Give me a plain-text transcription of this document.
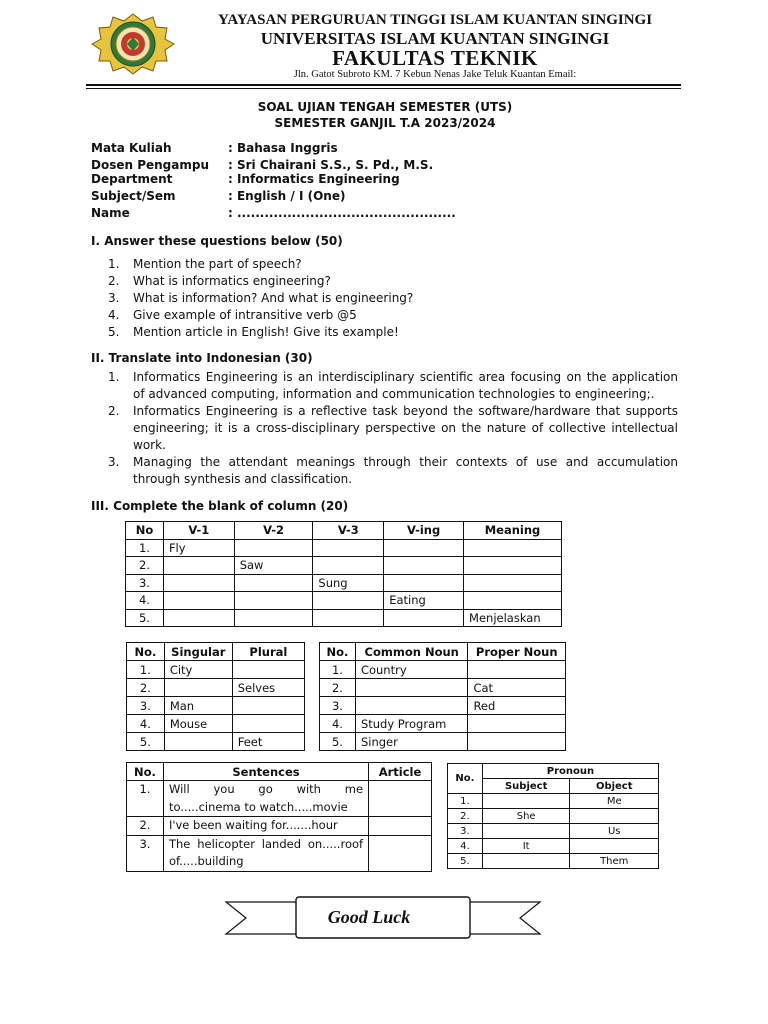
YAYASAN PERGURUAN TINGGI ISLAM KUANTAN SINGINGI
UNIVERSITAS ISLAM KUANTAN SINGINGI
FAKULTAS TEKNIK
Jln. Gatot Subroto KM. 7 Kebun Nenas Jake Teluk Kuantan Email:
SOAL UJIAN TENGAH SEMESTER (UTS)
SEMESTER GANJIL T.A 2023/2024
Mata Kuliah	: Bahasa Inggris
Dosen Pengampu : Sri Chairani S.S., S. Pd., M.S.
Department	: Informatics Engineering
Subject/Sem	: English / I (One)
Name	: ................................................
I. Answer these questions below (50)
1.	Mention the part of speech?
2.	What is informatics engineering?
3.	What is information? And what is engineering?
4.	Give example of intransitive verb @5
5.	Mention article in English! Give its example!
II. Translate into Indonesian (30)
1.	Informatics Engineering is an interdisciplinary scientific area focusing on the application of advanced computing, information and communication technologies to engineering;.
2.	Informatics Engineering is a reflective task beyond the software/hardware that supports engineering; it is a cross-disciplinary perspective on the nature of collective intellectual work.
3.	Managing the attendant meanings through their contexts of use and accumulation through synthesis and classification.
III. Complete the blank of column (20)
No	V-1	V-2	V-3	V-ing	Meaning
1.	Fly				
2.		Saw			
3.			Sung		
4.				Eating	
5.					Menjelaskan
No.	Singular	Plural
1.	City	
2.		Selves
3.	Man	
4.	Mouse	
5.		Feet
No.	Common Noun	Proper Noun
1.	Country	
2.		Cat
3.		Red
4.	Study Program	
5.	Singer	
No.	Sentences	Article
1.	Will you go with me
to.....cinema to watch.....movie	

2.	I've been waiting for.......hour	
3.	The helicopter landed on.....roof
of.....building	

No.	Pronoun	
	Subject	Object
1.		Me
2.	She	
3.		Us
4.	It	
5.		Them
Good Luck
